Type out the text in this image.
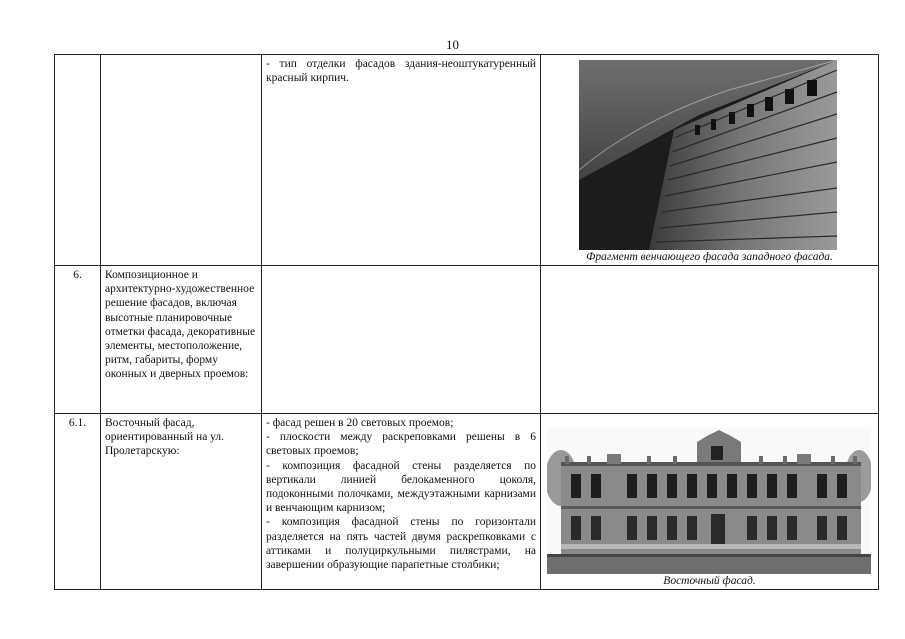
10

		- тип отделки фасадов здания-неоштукатуренный красный кирпич.	Фрагмент венчающего фасада западного фасада.

6.	Композиционное и архитектурно-художественное решение фасадов, включая высотные планировочные отметки фасада, декоративные элементы, местоположение, ритм, габариты, форму оконных и дверных проемов:		
6.1.	Восточный фасад, ориентированный на ул. Пролетарскую:	- фасад решен в 20 световых проемов;

- плоскости между раскреповками решены в 6 световых проемов;

- композиция фасадной стены разделяется по вертикали линией белокаменного цоколя, подоконными полочками, междуэтажными карнизами и венчающим карнизом;

- композиция фасадной стены по горизонтали разделяется на пять частей двумя раскрепковками с аттиками и полуциркульными пилястрами, на завершении образующие парапетные столбики;	Восточный фасад.
